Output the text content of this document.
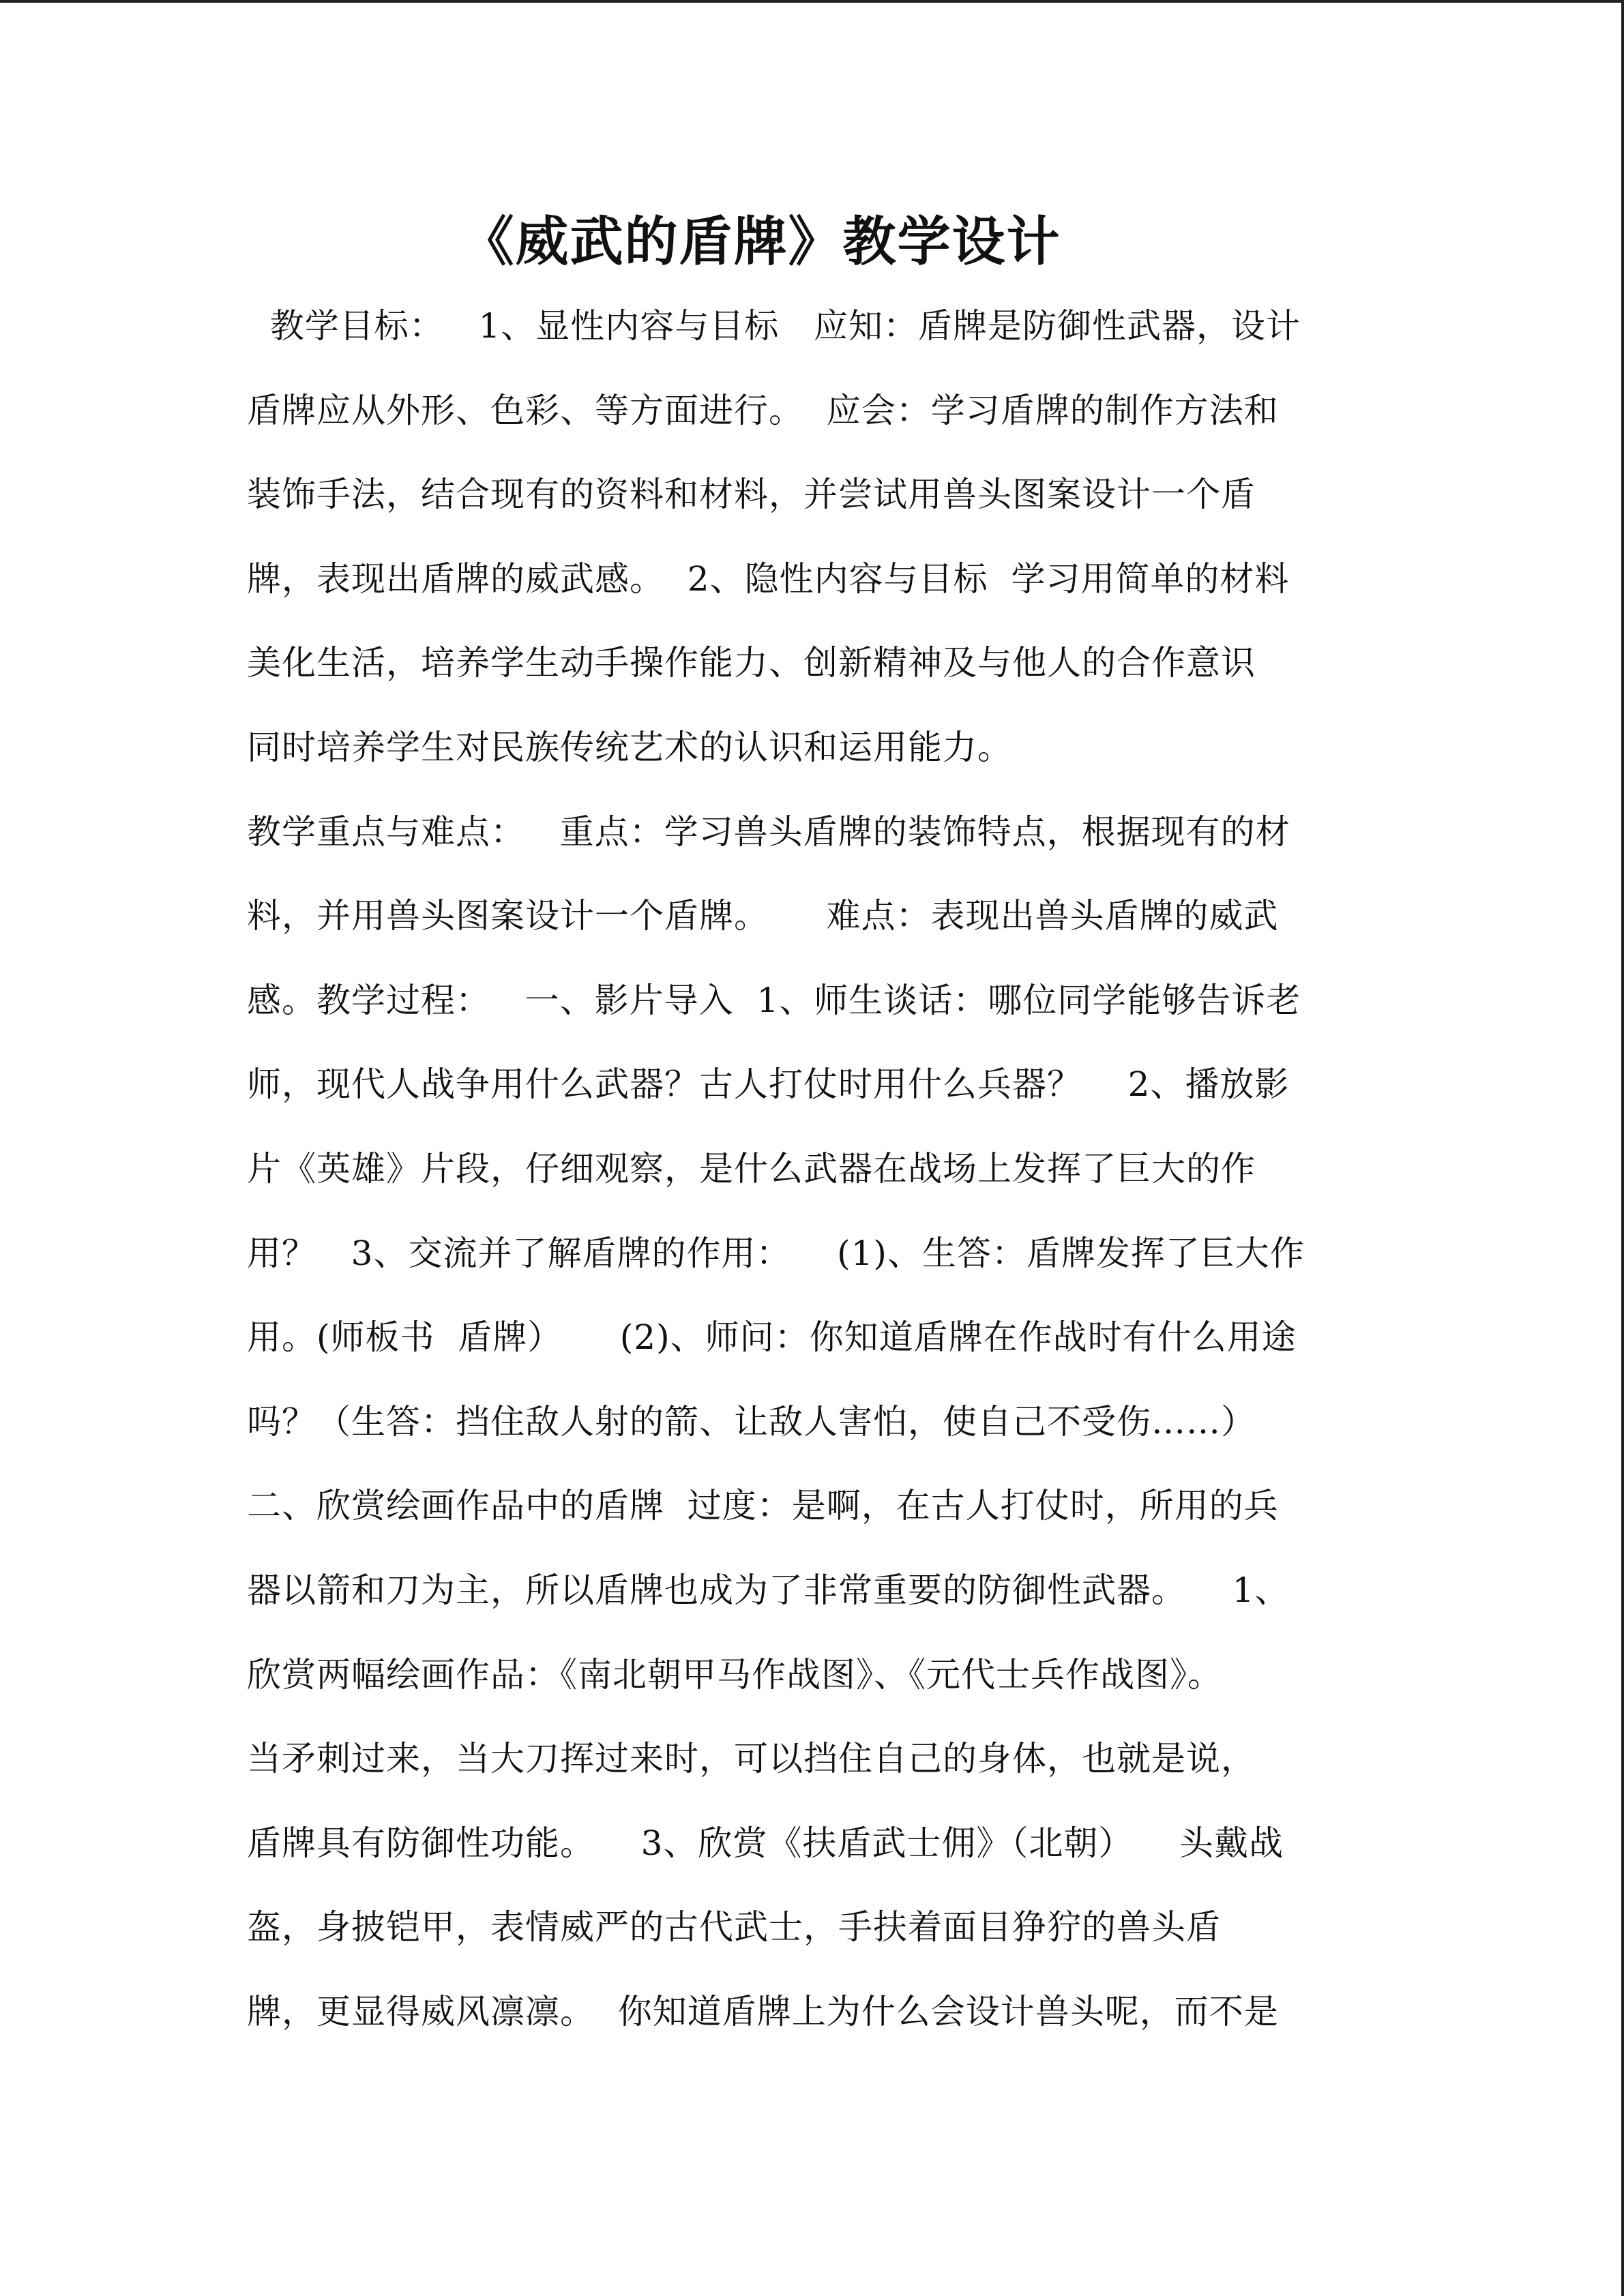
《威武的盾牌》教学设计
教学目标：   1、显性内容与目标   应知：盾牌是防御性武器，设计
盾牌应从外形、色彩、等方面进行。  应会：学习盾牌的制作方法和
装饰手法，结合现有的资料和材料，并尝试用兽头图案设计一个盾
牌，表现出盾牌的威武感。  2、隐性内容与目标  学习用简单的材料
美化生活，培养学生动手操作能力、创新精神及与他人的合作意识
同时培养学生对民族传统艺术的认识和运用能力。
教学重点与难点：   重点：学习兽头盾牌的装饰特点，根据现有的材
料，并用兽头图案设计一个盾牌。     难点：表现出兽头盾牌的威武
感。教学过程：   一、影片导入  1、师生谈话：哪位同学能够告诉老
师，现代人战争用什么武器？古人打仗时用什么兵器？    2、播放影
片《英雄》片段，仔细观察，是什么武器在战场上发挥了巨大的作
用？   3、交流并了解盾牌的作用：    (1)、生答：盾牌发挥了巨大作
用。(师板书  盾牌）     (2)、师问：你知道盾牌在作战时有什么用途
吗？（生答：挡住敌人射的箭、让敌人害怕，使自己不受伤……）
二、欣赏绘画作品中的盾牌  过度：是啊，在古人打仗时，所用的兵
器以箭和刀为主，所以盾牌也成为了非常重要的防御性武器。    1、
欣赏两幅绘画作品：《南北朝甲马作战图》、《元代士兵作战图》。
当矛刺过来，当大刀挥过来时，可以挡住自己的身体，也就是说，
盾牌具有防御性功能。    3、欣赏《扶盾武士佣》（北朝）    头戴战
盔，身披铠甲，表情威严的古代武士，手扶着面目狰狞的兽头盾
牌，更显得威风凛凛。  你知道盾牌上为什么会设计兽头呢，而不是
